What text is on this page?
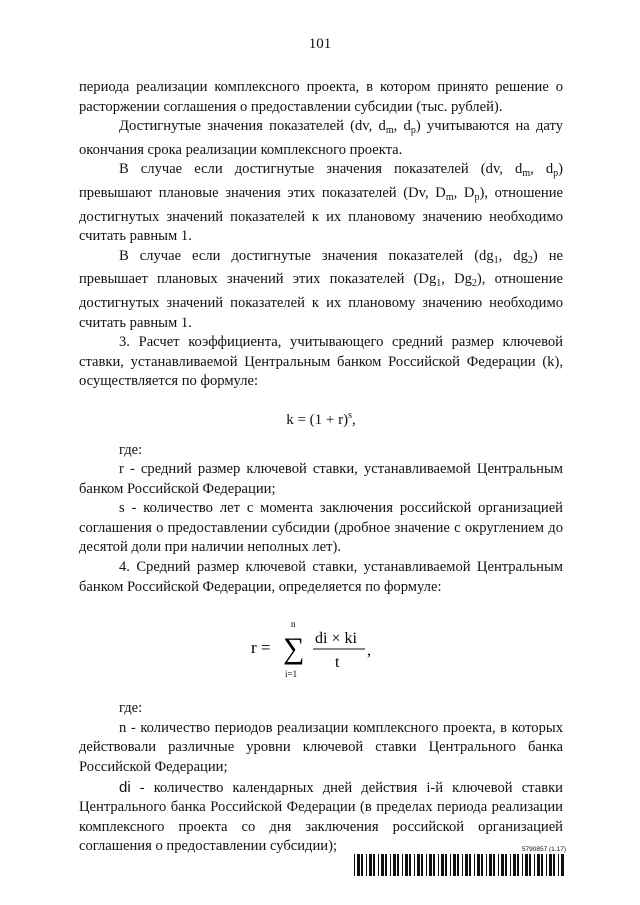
101

периода реализации комплексного проекта, в котором принято решение о расторжении соглашения о предоставлении субсидии (тыс. рублей).

Достигнутые значения показателей (dv, $d_m$, $d_p$) учитываются на дату окончания срока реализации комплексного проекта.

В случае если достигнутые значения показателей (dv, $d_m$, $d_p$) превышают плановые значения этих показателей (Dv, $D_m$, $D_p$), отношение достигнутых значений показателей к их плановому значению необходимо считать равным 1.

В случае если достигнутые значения показателей ($dg_1$, $dg_2$) не превышает плановых значений этих показателей ($Dg_1$, $Dg_2$), отношение достигнутых значений показателей к их плановому значению необходимо считать равным 1.

3. Расчет коэффициента, учитывающего средний размер ключевой ставки, устанавливаемой Центральным банком Российской Федерации (k), осуществляется по формуле:

$k = (1 + r)^s$,

где:

r - средний размер ключевой ставки, устанавливаемой Центральным банком Российской Федерации;

s - количество лет с момента заключения российской организацией соглашения о предоставлении субсидии (дробное значение с округлением до десятой доли при наличии неполных лет).

4. Средний размер ключевой ставки, устанавливаемой Центральным банком Российской Федерации, определяется по формуле:

r =
n
∑
i=1
di × ki
t
,

где:

n - количество периодов реализации комплексного проекта, в которых действовали различные уровни ключевой ставки Центрального банка Российской Федерации;

di - количество календарных дней действия i-й ключевой ставки Центрального банка Российской Федерации (в пределах периода реализации комплексного проекта со дня заключения российской организацией соглашения о предоставлении субсидии);	5790857 (1.17)
